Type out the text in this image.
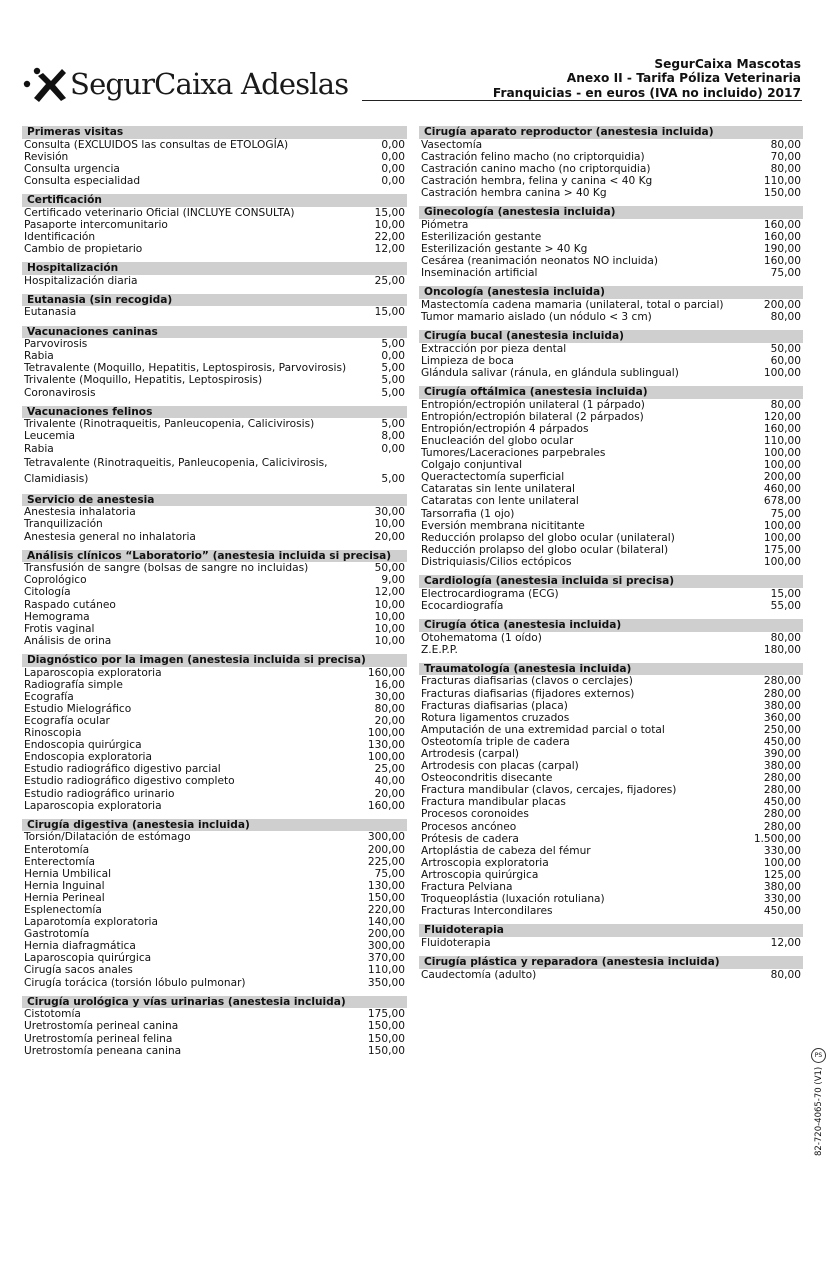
SegurCaixa Adeslas
SegurCaixa Mascotas
Anexo II - Tarifa Póliza Veterinaria
Franquicias - en euros (IVA no incluido) 2017
Primeras visitas
Consulta (EXCLUIDOS las consultas de ETOLOGÍA)	0,00
Revisión	0,00
Consulta urgencia	0,00
Consulta especialidad	0,00
Certificación
Certificado veterinario Oficial (INCLUYE CONSULTA)	15,00
Pasaporte intercomunitario	10,00
Identificación	22,00
Cambio de propietario	12,00
Hospitalización
Hospitalización diaria	25,00
Eutanasia (sin recogida)
Eutanasia	15,00
Vacunaciones caninas
Parvovirosis	5,00
Rabia	0,00
Tetravalente (Moquillo, Hepatitis, Leptospirosis, Parvovirosis)	5,00
Trivalente (Moquillo, Hepatitis, Leptospirosis)	5,00
Coronavirosis	5,00
Vacunaciones felinos
Trivalente (Rinotraqueitis, Panleucopenia, Calicivirosis)	5,00
Leucemia	8,00
Rabia	0,00
Tetravalente (Rinotraqueitis, Panleucopenia, Calicivirosis, Clamidiasis)	5,00
Servicio de anestesia
Anestesia inhalatoria	30,00
Tranquilización	10,00
Anestesia general no inhalatoria	20,00
Análisis clínicos “Laboratorio” (anestesia incluida si precisa)
Transfusión de sangre (bolsas de sangre no incluidas)	50,00
Coprológico	9,00
Citología	12,00
Raspado cutáneo	10,00
Hemograma	10,00
Frotis vaginal	10,00
Análisis de orina	10,00
Diagnóstico por la imagen (anestesia incluida si precisa)
Laparoscopia exploratoria	160,00
Radiografía simple	16,00
Ecografía	30,00
Estudio Mielográfico	80,00
Ecografía ocular	20,00
Rinoscopia	100,00
Endoscopia quirúrgica	130,00
Endoscopia exploratoria	100,00
Estudio radiográfico digestivo parcial	25,00
Estudio radiográfico digestivo completo	40,00
Estudio radiográfico urinario	20,00
Laparoscopia exploratoria	160,00
Cirugía digestiva (anestesia incluida)
Torsión/Dilatación de estómago	300,00
Enterotomía	200,00
Enterectomía	225,00
Hernia Umbilical	75,00
Hernia Inguinal	130,00
Hernia Perineal	150,00
Esplenectomía	220,00
Laparotomía exploratoria	140,00
Gastrotomía	200,00
Hernia diafragmática	300,00
Laparoscopia quirúrgica	370,00
Cirugía sacos anales	110,00
Cirugía torácica (torsión lóbulo pulmonar)	350,00
Cirugía urológica y vías urinarias (anestesia incluida)
Cistotomía	175,00
Uretrostomía perineal canina	150,00
Uretrostomía perineal felina	150,00
Uretrostomía peneana canina	150,00
Cirugía aparato reproductor (anestesia incluida)
Vasectomía	80,00
Castración felino macho (no criptorquidia)	70,00
Castración canino macho (no criptorquidia)	80,00
Castración hembra, felina y canina < 40 Kg	110,00
Castración hembra canina > 40 Kg	150,00
Ginecología (anestesia incluida)
Piómetra	160,00
Esterilización gestante	160,00
Esterilización gestante > 40 Kg	190,00
Cesárea (reanimación neonatos NO incluida)	160,00
Inseminación artificial	75,00
Oncología (anestesia incluida)
Mastectomía cadena mamaria (unilateral, total o parcial)	200,00
Tumor mamario aislado (un nódulo < 3 cm)	80,00
Cirugía bucal (anestesia incluida)
Extracción por pieza dental	50,00
Limpieza de boca	60,00
Glándula salivar (ránula, en glándula sublingual)	100,00
Cirugía oftálmica (anestesia incluida)
Entropión/ectropión unilateral (1 párpado)	80,00
Entropión/ectropión bilateral (2 párpados)	120,00
Entropión/ectropión 4 párpados	160,00
Enucleación del globo ocular	110,00
Tumores/Laceraciones parpebrales	100,00
Colgajo conjuntival	100,00
Queractectomía superficial	200,00
Cataratas sin lente unilateral	460,00
Cataratas con lente unilateral	678,00
Tarsorrafia (1 ojo)	75,00
Eversión membrana nicititante	100,00
Reducción prolapso del globo ocular (unilateral)	100,00
Reducción prolapso del globo ocular (bilateral)	175,00
Distriquiasis/Cilios ectópicos	100,00
Cardiología (anestesia incluida si precisa)
Electrocardiograma (ECG)	15,00
Ecocardiografía	55,00
Cirugía ótica (anestesia incluida)
Otohematoma (1 oído)	80,00
Z.E.P.P.	180,00
Traumatología (anestesia incluida)
Fracturas diafisarias (clavos o cerclajes)	280,00
Fracturas diafisarias (fijadores externos)	280,00
Fracturas diafisarias (placa)	380,00
Rotura ligamentos cruzados	360,00
Amputación de una extremidad parcial o total	250,00
Osteotomía triple de cadera	450,00
Artrodesis (carpal)	390,00
Artrodesis con placas (carpal)	380,00
Osteocondritis disecante	280,00
Fractura mandibular (clavos, cercajes, fijadores)	280,00
Fractura mandibular placas	450,00
Procesos coronoides	280,00
Procesos ancóneo	280,00
Prótesis de cadera	1.500,00
Artoplástia de cabeza del fémur	330,00
Artroscopia exploratoria	100,00
Artroscopia quirúrgica	125,00
Fractura Pelviana	380,00
Troqueoplástia (luxación rotuliana)	330,00
Fracturas Intercondilares	450,00
Fluidoterapia
Fluidoterapia	12,00
Cirugía plástica y reparadora (anestesia incluida)
Caudectomía (adulto)	80,00
82-720-4065-70 (V1)
PS
